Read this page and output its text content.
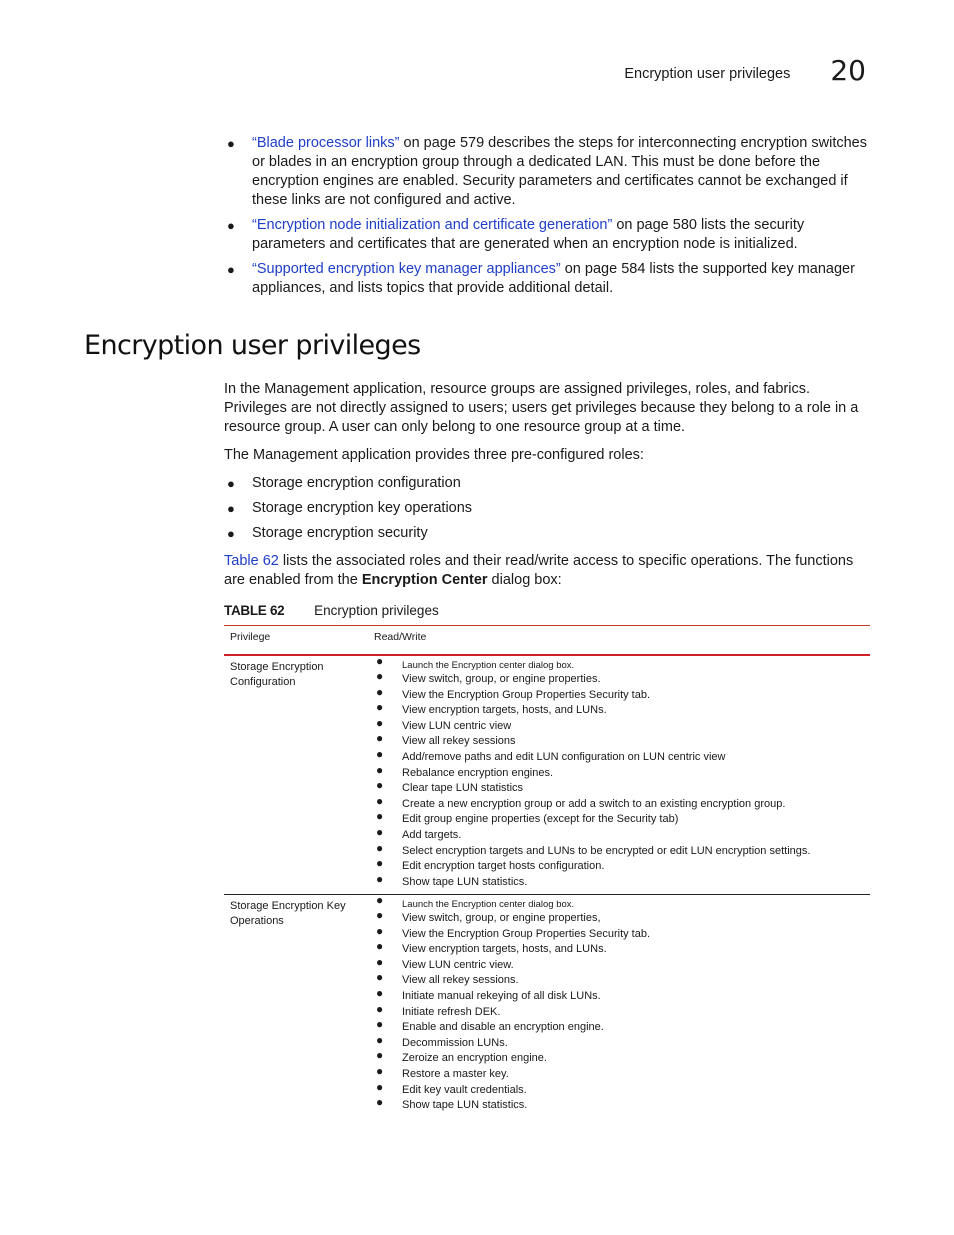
Encryption user privileges 20
● “Blade processor links” on page 579 describes the steps for interconnecting encryption switches or blades in an encryption group through a dedicated LAN. This must be done before the encryption engines are enabled. Security parameters and certificates cannot be exchanged if these links are not configured and active.
● “Encryption node initialization and certificate generation” on page 580 lists the security parameters and certificates that are generated when an encryption node is initialized.
● “Supported encryption key manager appliances” on page 584 lists the supported key manager appliances, and lists topics that provide additional detail.
Encryption user privileges

In the Management application, resource groups are assigned privileges, roles, and fabrics. Privileges are not directly assigned to users; users get privileges because they belong to a role in a resource group. A user can only belong to one resource group at a time.

The Management application provides three pre-configured roles:

● Storage encryption configuration
● Storage encryption key operations
● Storage encryption security

Table 62 lists the associated roles and their read/write access to specific operations. The functions are enabled from the Encryption Center dialog box:

TABLE 62 Encryption privileges
Privilege	Read/Write
Storage Encryption Configuration
● Launch the Encryption center dialog box.
● View switch, group, or engine properties.
● View the Encryption Group Properties Security tab.
● View encryption targets, hosts, and LUNs.
● View LUN centric view
● View all rekey sessions
● Add/remove paths and edit LUN configuration on LUN centric view
● Rebalance encryption engines.
● Clear tape LUN statistics
● Create a new encryption group or add a switch to an existing encryption group.
● Edit group engine properties (except for the Security tab)
● Add targets.
● Select encryption targets and LUNs to be encrypted or edit LUN encryption settings.
● Edit encryption target hosts configuration.
● Show tape LUN statistics.
Storage Encryption Key Operations
● Launch the Encryption center dialog box.
● View switch, group, or engine properties,
● View the Encryption Group Properties Security tab.
● View encryption targets, hosts, and LUNs.
● View LUN centric view.
● View all rekey sessions.
● Initiate manual rekeying of all disk LUNs.
● Initiate refresh DEK.
● Enable and disable an encryption engine.
● Decommission LUNs.
● Zeroize an encryption engine.
● Restore a master key.
● Edit key vault credentials.
● Show tape LUN statistics.
